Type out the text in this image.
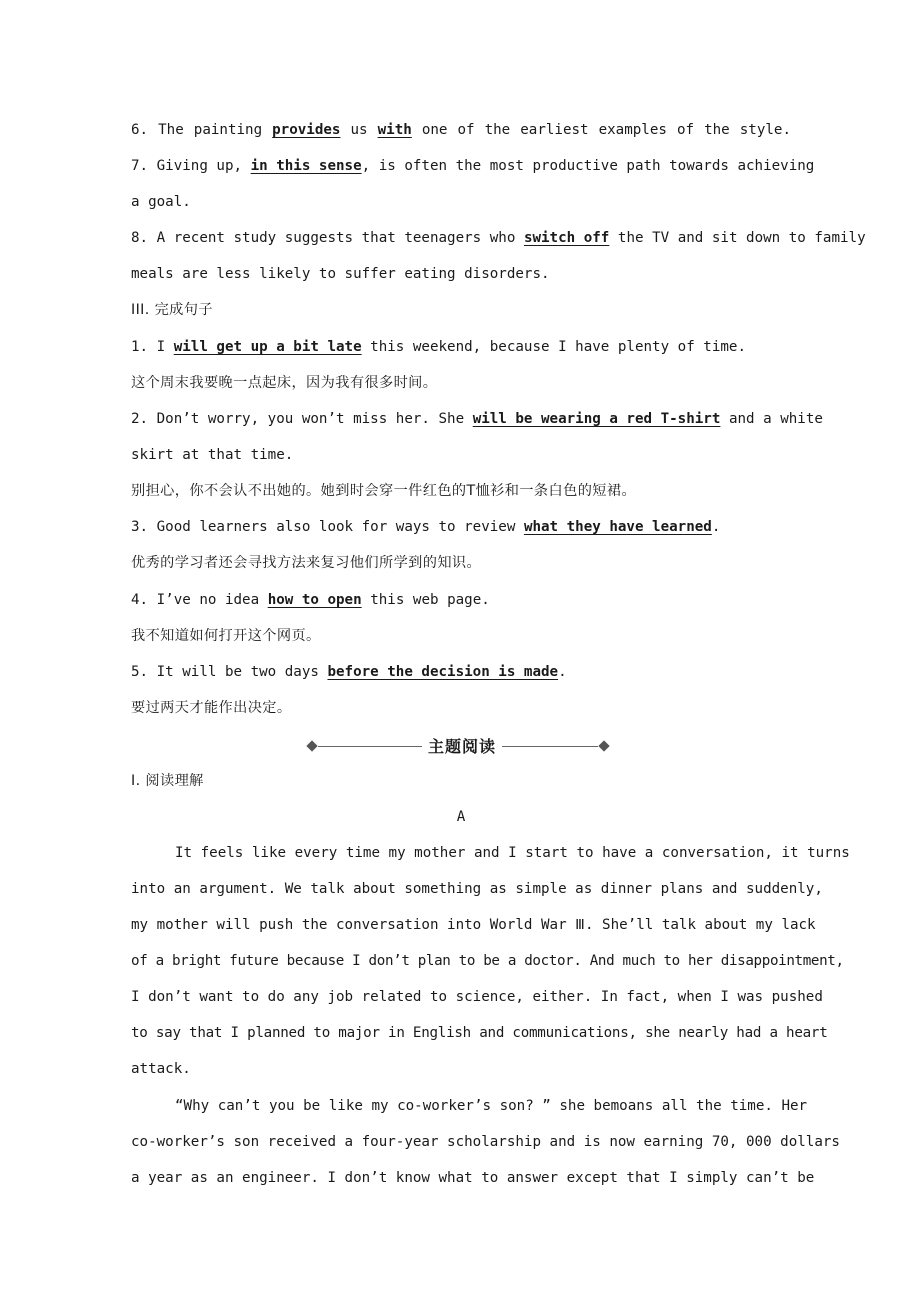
6. The painting provides us with one of the earliest examples of the style.
7. Giving up, in this sense, is often the most productive path towards achieving
a goal.
8. A recent study suggests that teenagers who switch off the TV and sit down to family
meals are less likely to suffer eating disorders.
III. 完成句子
1. I will get up a bit late this weekend, because I have plenty of time.
这个周末我要晚一点起床，因为我有很多时间。
2. Don’t worry, you won’t miss her. She will be wearing a red T-shirt and a white
skirt at that time.
别担心，你不会认不出她的。她到时会穿一件红色的T恤衫和一条白色的短裙。
3. Good learners also look for ways to review what they have learned.
优秀的学习者还会寻找方法来复习他们所学到的知识。
4. I’ve no idea how to open this web page.
我不知道如何打开这个网页。
5. It will be two days before the decision is made.
要过两天才能作出决定。
主题阅读
Ⅰ. 阅读理解
A
It feels like every time my mother and I start to have a conversation, it turns
into an argument. We talk about something as simple as dinner plans and suddenly,
my mother will push the conversation into World War Ⅲ. She’ll talk about my lack
of a bright future because I don’t plan to be a doctor. And much to her disappointment,
I don’t want to do any job related to science, either. In fact, when I was pushed
to say that I planned to major in English and communications, she nearly had a heart
attack.
“Why can’t you be like my co-worker’s son? ” she bemoans all the time. Her
co-worker’s son received a four-year scholarship and is now earning 70, 000 dollars
a year as an engineer. I don’t know what to answer except that I simply can’t be
